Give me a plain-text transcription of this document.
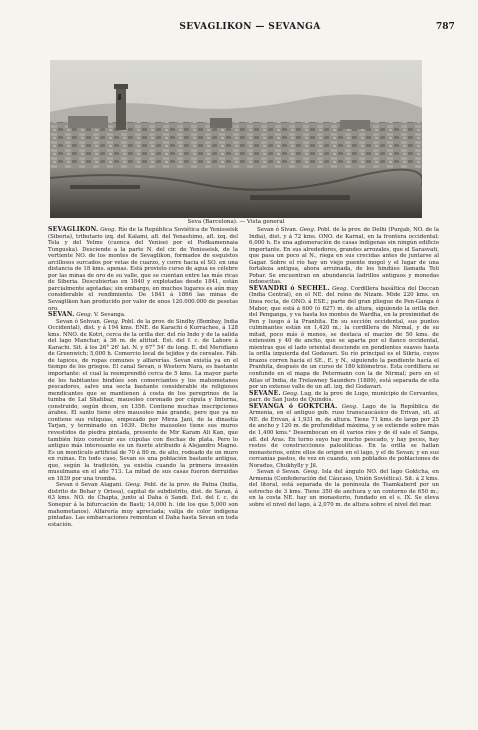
SEVAGLIKON — SEVANGA	787
Seva (Barcelona). — Vista general

SEVAGLIKON. Geog. Río de la República Soviética de Yenisseisk (Siberia), tributario izq. del Kalami, afl. del Yenashimo, afl. izq. del Tela y del Yelme (cuenca del Yenisei por el Podkamennaia Tunguska). Desciende a la parte N. del cir. de Yenisseisk, de la vertiente NO. de los montes de Sevaglikon, formados de esquistos arcillosos surcados por vetas de cuarzo, y corre hacia el SO. en una distancia de 18 kms. apenas. Está provisto curso de agua es célebre por las minas de oro de su valle, que se cuentan entre las más ricas de Siberia. Descubiertas en 1840 y explotadas desde 1841, están parcialmente agotadas; sin embargo, en muchos lugares es aún muy considerable el rendimiento. De 1841 á 1866 las minas de Sevaglikon han producido por valor de unos 120.000.000 de pesetas oro.

SEVAN. Geog. V. Sevanga.

Sevan ó Sehvan. Geog. Pobl. de la prov. de Sindhy (Bombay, India Occidental), dist. y á 194 kms. ENE. de Karachi ó Kurrachee, á 128 kms. NNO. de Kotri, cerca de la orilla der. del río Indo y de la salida del lago Manchar, á 36 m. de altitud. Est. del f. c. de Lahore á Karachi. Sit. á los 26° 26' lat. N. y 67° 54' de long. E. del Meridiano de Greenwich; 5,000 h. Comercio local de tejidos y de cereales. Fáb. de tapices, de ropas comunes y alfarerías. Sevan existía ya en el tiempo de los griegos. El canal Sevan, o Western Nara, es bastante importante: el cual la reemprendió cerca de 5 kms. La mayor parte de los habitantes hindúes son comerciantes y los mahometanos pescadores, salvo una secta bastante considerable de religiosos mendicantes que se mantienen á costa de los peregrinos de la tumba de Lal Shahbaz, mausoleo coronado por cúpula y linterna, construido, según dicen, en 1356. Contiene muchas inscripciones árabes. El santo tiene otro mausoleo más grande, pero que ya no contiene sus reliquias, empezado por Mirza Jani, de la dinastía Tarjan, y terminado en 1639. Dicho mausoleo tiene sus muros revestidos de piedra pintada, presente de Mir Karam Ali Kan, que también hizo construir sus cúpulas con flechas de plata. Pero lo antiguo más interesante es un fuerte atribuido á Alejandro Magno. Es un montículo artificial de 70 á 80 m. de alto, rodeado de un muro en ruinas. En todo caso, Sevan es una población bastante antigua, que, según la tradición, ya existía cuando la primera invasión musulmana en el año 713. La mitad de sus casas fueron derruidas en 1839 por una tromba.

Sevan ó Sevan Alagani. Geog. Pobl. de la prov. de Patna (India, distrito de Behar y Orissa), capital de subdistrito, dist. de Saran, á 63 kms. NO. de Chapta, junto al Daha ó Sandi. Est. del f. c. de Sonepur á la bifurcación de Basti; 14,000 h. (de los que 5,000 son mahometanos). Alfarería muy apreciada; valija de color indígena pintadas. Las embarcaciones remontan el Daha hasta Sevan en toda estación.

Sevan ó Sivan. Geog. Pobl. de la prov. de Delhi (Punjab, NO. de la India), dist. y á 72 kms. ONO. de Karnal, en la frontera occidental; 6,000 h. Es una aglomeración de casas indígenas sin ningún edificio importante. En sus alrededores, grandes arrozales, que el Sarasvati, que pasa un poco al N., riega en sus crecidas antes de juntarse al Gagar. Sobre el río hay un viejo puente mogol y el lugar de una fortaleza antigua, ahora arruinada, de los hindúes llamada Teli Pohar. Se encuentran en abundancia ladrillos antiguos y monedas indoescitas.

SEVANDRI ó SECHEL. Geog. Cordillera basáltica del Deccan (India Central), en el NE. del reino de Nizam. Mide 220 kms. en línea recta, de ONO. á ESE.; parte del gran pliegue de Pen-Ganga ó Mahor, que está á 600 (ó 627) m. de altura, siguiendo la orilla der. del Penganga, y va hasta los montes de Wardha, en la proximidad de Pen y luego á la Pranhita. En su sección occidental, sus puntos culminantes están en 1,420 m.; la cordillera de Nirmal, y de su mitad, poco más ó menos, se destaca el macizo de 50 kms. de extensión y 40 de ancho, que se aparta por el flanco occidental, mientras que el lado oriental desciende en pendientes suaves hasta la orilla izquierda del Godavari. Su río principal es el Sikria, cuyos brazos corren hacia el SE., E. y N., siguiendo la pendiente hacia el Pranhita, después de un curso de 180 kilómetros. Esta cordillera se confunde en el mapa de Petermann con la de Nirmal; pero en el Atlas of India, de Trelawney Saunders (1889), está separada de ella por un extenso valle de un afl. izq. del Godavari.

SEVANE. Geog. Lug. de la prov. de Lugo, municipio de Cervantes, parr. de San Justo de Quindós.

SEVANGA ó GOKTCHA. Geog. Lago de la República de Armenia, en el antiguo gob. ruso transcaucásico de Erivan, sit. al NE. de Erivan, á 1,931 m. de altura. Tiene 71 kms. de largo por 25 de ancho y 120 m. de profundidad máxima, y se extiende sobre más de 1,400 kms.² Desembocan en él varios ríos y de él sale el Sanga, afl. del Aras. En torno suyo hay mucho pescado, y hay peces, hay restos de construcciones paleolíticas. En la orilla se hallan monasterios, entre ellos de origen en el lago, y el de Sevan; y en sus cercanías pastos, de vez en cuando, son poblados de poblaciones de Noradus, Chukhylly y Jil.

Sevan ó Sevan. Geog. Isla del ángulo NO. del lago Goktcha, en Armenia (Confederación del Cáucaso, Unión Soviética). Sit. á 2 kms. del litoral, está separada de la península de Tsamkaberd por un estrecho de 3 kms. Tiene 350 de anchura y un contorno de 650 m.; en la costa NE. hay un monasterio, fundado en el s. IX. Se eleva sobre el nivel del lago, á 2,070 m. de altura sobre el nivel del mar.
